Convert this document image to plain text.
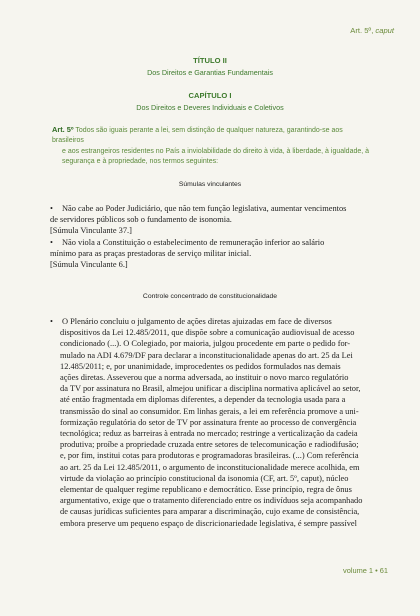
Art. 5º, caput
TÍTULO II
Dos Direitos e Garantias Fundamentais
CAPÍTULO I
Dos Direitos e Deveres Individuais e Coletivos
Art. 5º Todos são iguais perante a lei, sem distinção de qualquer natureza, garantindo-se aos brasileiros
e aos estrangeiros residentes no País a inviolabilidade do direito à vida, à liberdade, à igualdade, à
segurança e à propriedade, nos termos seguintes:
Súmulas vinculantes

• Não cabe ao Poder Judiciário, que não tem função legislativa, aumentar vencimentos

de servidores públicos sob o fundamento de isonomia.

[Súmula Vinculante 37.]

• Não viola a Constituição o estabelecimento de remuneração inferior ao salário

mínimo para as praças prestadoras de serviço militar inicial.

[Súmula Vinculante 6.]

Controle concentrado de constitucionalidade

• O Plenário concluiu o julgamento de ações diretas ajuizadas em face de diversos

dispositivos da Lei 12.485/2011, que dispõe sobre a comunicação audiovisual de acesso

condicionado (...). O Colegiado, por maioria, julgou procedente em parte o pedido for-

mulado na ADI 4.679/DF para declarar a inconstitucionalidade apenas do art. 25 da Lei

12.485/2011; e, por unanimidade, improcedentes os pedidos formulados nas demais

ações diretas. Asseverou que a norma adversada, ao instituir o novo marco regulatório

da TV por assinatura no Brasil, almejou unificar a disciplina normativa aplicável ao setor,

até então fragmentada em diplomas diferentes, a depender da tecnologia usada para a

transmissão do sinal ao consumidor. Em linhas gerais, a lei em referência promove a uni-

formização regulatória do setor de TV por assinatura frente ao processo de convergência

tecnológica; reduz as barreiras à entrada no mercado; restringe a verticalização da cadeia

produtiva; proíbe a propriedade cruzada entre setores de telecomunicação e radiodifusão;

e, por fim, institui cotas para produtoras e programadoras brasileiras. (...) Com referência

ao art. 25 da Lei 12.485/2011, o argumento de inconstitucionalidade merece acolhida, em

virtude da violação ao princípio constitucional da isonomia (CF, art. 5º, caput), núcleo

elementar de qualquer regime republicano e democrático. Esse princípio, regra de ônus

argumentativo, exige que o tratamento diferenciado entre os indivíduos seja acompanhado

de causas jurídicas suficientes para amparar a discriminação, cujo exame de consistência,

embora preserve um pequeno espaço de discricionariedade legislativa, é sempre passível

volume 1 • 61
